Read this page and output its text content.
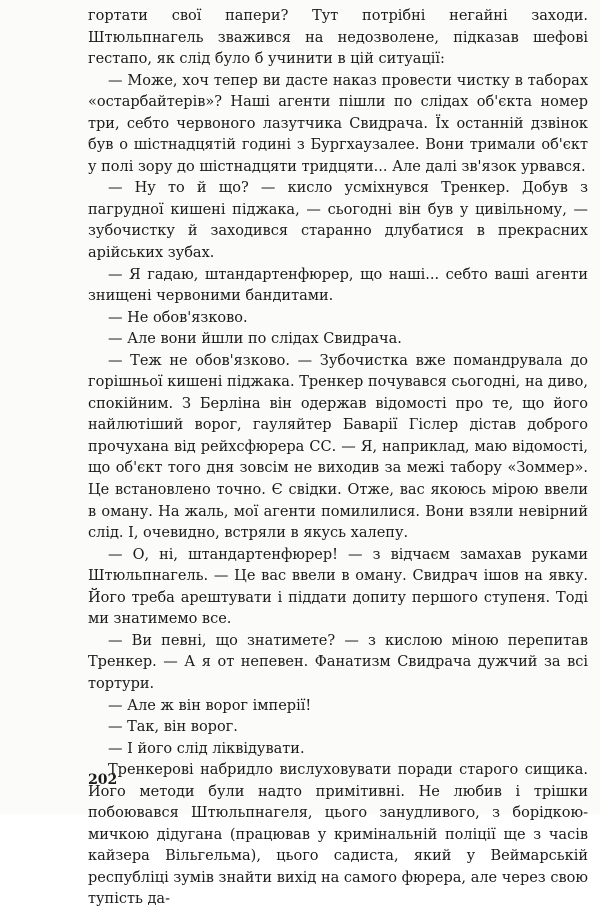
гортати свої папери? Тут потрібні негайні заходи. Штюльпнагель зважився на недозволене, підказав шефові гестапо, як слід було б учинити в цій ситуації:

— Може, хоч тепер ви дасте наказ провести чистку в таборах «остарбайтерів»? Наші агенти пішли по слідах об'єкта номер три, себто червоного лазутчика Свидрача. Їх останній дзвінок був о шістнадцятій годині з Бургхаузалее. Вони тримали об'єкт у полі зору до шістнадцяти тридцяти... Але далі зв'язок урвався.

— Ну то й що? — кисло усміхнувся Тренкер. Добув з пагрудної кишені піджака, — сьогодні він був у цивільному, — зубочистку й заходився старанно длубатися в прекрасних арійських зубах.

— Я гадаю, штандартенфюрер, що наші... себто ваші агенти знищені червоними бандитами.

— Не обов'язково.

— Але вони йшли по слідах Свидрача.

— Теж не обов'язково. — Зубочистка вже помандрувала до горішньої кишені піджака. Тренкер почувався сьогодні, на диво, спокійним. З Берліна він одержав відомості про те, що його найлютіший ворог, гауляйтер Баварії Гіслер дістав доброго прочухана від рейхсфюрера СС. — Я, наприклад, маю відомості, що об'єкт того дня зовсім не виходив за межі табору «Зоммер». Це встановлено точно. Є свідки. Отже, вас якоюсь мірою ввели в оману. На жаль, мої агенти помилилися. Вони взяли невірний слід. І, очевидно, встряли в якусь халепу.

— О, ні, штандартенфюрер! — з відчаєм замахав руками Штюльпнагель. — Це вас ввели в оману. Свидрач ішов на явку. Його треба арештувати і піддати допиту першого ступеня. Тоді ми знатимемо все.

— Ви певні, що знатимете? — з кислою міною перепитав Тренкер. — А я от непевен. Фанатизм Свидрача дужчий за всі тортури.

— Але ж він ворог імперії!

— Так, він ворог.

— І його слід ліквідувати.

Тренкерові набридло вислуховувати поради старого сищика. Його методи були надто примітивні. Не любив і трішки побоювався Штюльпнагеля, цього занудливого, з борідкою-мичкою дідугана (працював у кримінальній поліції ще з часів кайзера Вільгельма), цього садиста, який у Веймарській республіці зумів знайти вихід на самого фюрера, але через свою тупість да-

202
